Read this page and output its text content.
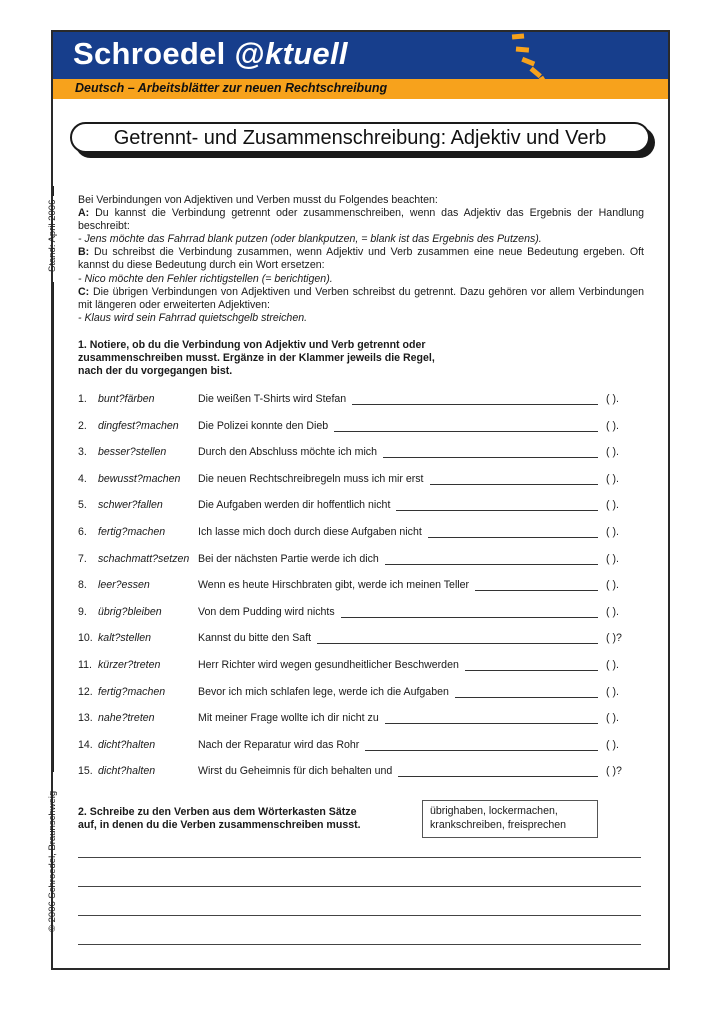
Schroedel @ktuell
Deutsch – Arbeitsblätter zur neuen Rechtschreibung
Getrennt- und Zusammenschreibung: Adjektiv und Verb
Stand: April 2006
© 2006 Schroedel, Braunschweig

Bei Verbindungen von Adjektiven und Verben musst du Folgendes beachten:

A: Du kannst die Verbindung getrennt oder zusammenschreiben, wenn das Adjektiv das Ergebnis der Handlung beschreibt:

- Jens möchte das Fahrrad blank putzen (oder blankputzen, = blank ist das Ergebnis des Putzens).

B: Du schreibst die Verbindung zusammen, wenn Adjektiv und Verb zusammen eine neue Bedeutung ergeben. Oft kannst du diese Bedeutung durch ein Wort ersetzen:

- Nico möchte den Fehler richtigstellen (= berichtigen).

C: Die übrigen Verbindungen von Adjektiven und Verben schreibst du getrennt. Dazu gehören vor allem Verbindungen mit längeren oder erweiterten Adjektiven:

- Klaus wird sein Fahrrad quietschgelb streichen.

1. Notiere, ob du die Verbindung von Adjektiv und Verb getrennt oder zusammenschreiben musst. Ergänze in der Klammer jeweils die Regel, nach der du vorgegangen bist.
1. bunt?färben	Die weißen T-Shirts wird Stefan	( ).
2. dingfest?machen Die Polizei konnte den Dieb	( ).
3. besser?stellen	Durch den Abschluss möchte ich mich	( ).
4. bewusst?machen Die neuen Rechtschreibregeln muss ich mir erst	( ).
5. schwer?fallen	Die Aufgaben werden dir hoffentlich nicht	( ).
6. fertig?machen	Ich lasse mich doch durch diese Aufgaben nicht	( ).
7. schachmatt?setzen Bei der nächsten Partie werde ich dich	( ).
8. leer?essen	Wenn es heute Hirschbraten gibt, werde ich meinen Teller	( ).
9. übrig?bleiben	Von dem Pudding wird nichts	( ).
10. kalt?stellen	Kannst du bitte den Saft	( )?
11. kürzer?treten	Herr Richter wird wegen gesundheitlicher Beschwerden	( ).
12. fertig?machen	Bevor ich mich schlafen lege, werde ich die Aufgaben	( ).
13. nahe?treten	Mit meiner Frage wollte ich dir nicht zu	( ).
14. dicht?halten	Nach der Reparatur wird das Rohr	( ).
15. dicht?halten	Wirst du Geheimnis für dich behalten und	( )?
2. Schreibe zu den Verben aus dem Wörterkasten Sätze auf, in denen du die Verben zusammenschreiben musst.
übrighaben, lockermachen,
krankschreiben, freisprechen
